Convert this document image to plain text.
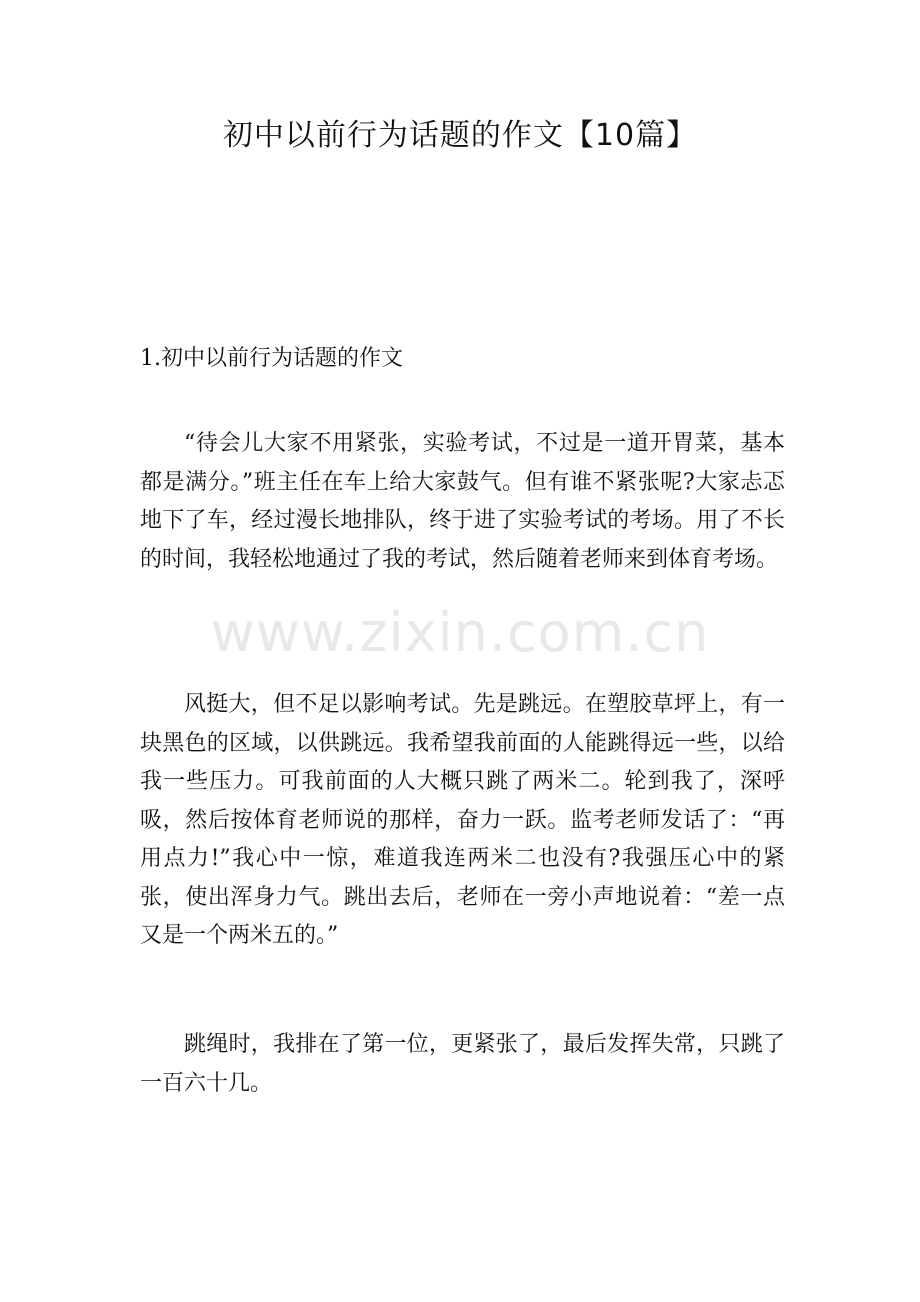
初中以前行为话题的作文【10篇】

1.初中以前行为话题的作文

“待会儿大家不用紧张，实验考试，不过是一道开胃菜，基本都是满分。”班主任在车上给大家鼓气。但有谁不紧张呢?大家忐忑地下了车，经过漫长地排队，终于进了实验考试的考场。用了不长的时间，我轻松地通过了我的考试，然后随着老师来到体育考场。

风挺大，但不足以影响考试。先是跳远。在塑胶草坪上，有一块黑色的区域，以供跳远。我希望我前面的人能跳得远一些，以给我一些压力。可我前面的人大概只跳了两米二。轮到我了，深呼吸，然后按体育老师说的那样，奋力一跃。监考老师发话了：“再用点力!”我心中一惊，难道我连两米二也没有?我强压心中的紧张，使出浑身力气。跳出去后，老师在一旁小声地说着：“差一点又是一个两米五的。”

跳绳时，我排在了第一位，更紧张了，最后发挥失常，只跳了一百六十几。

www.zixin.com.cn
